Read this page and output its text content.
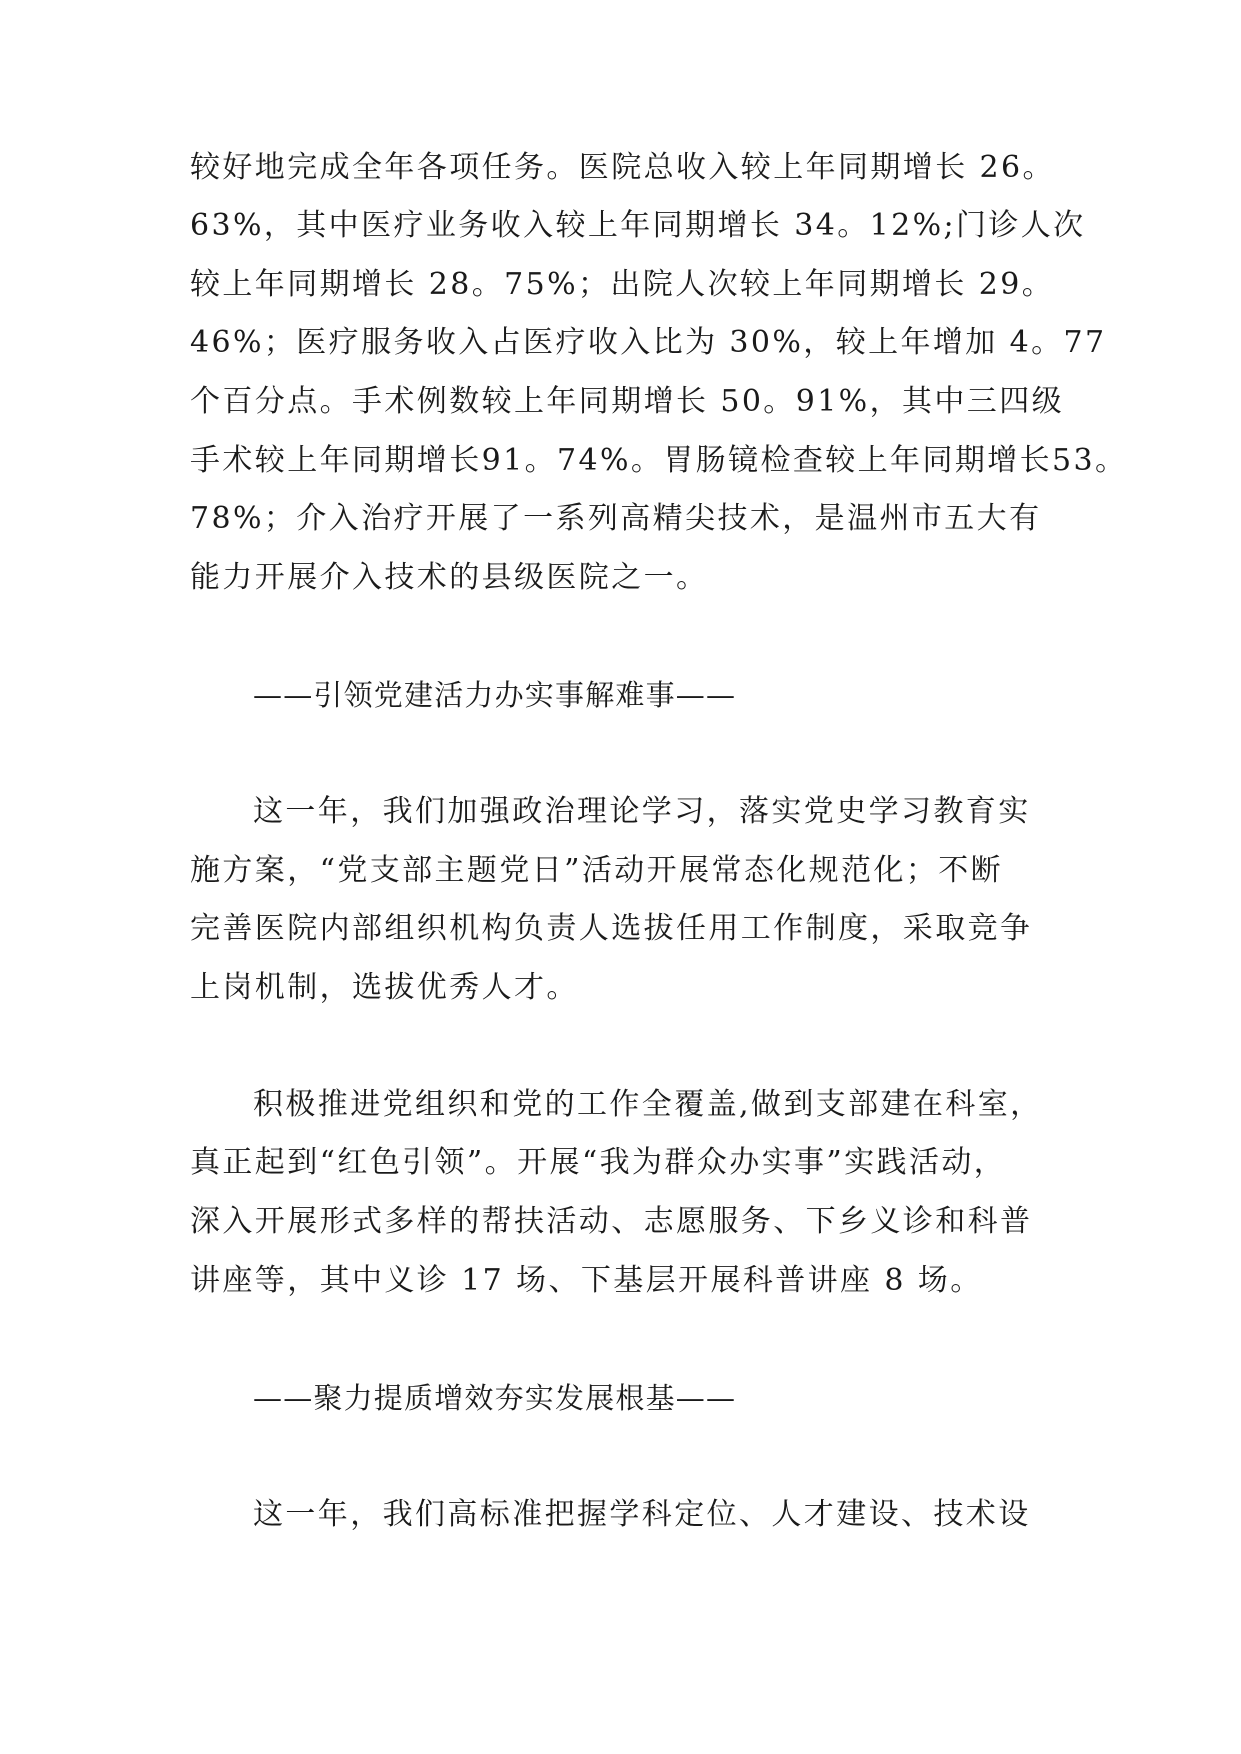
较好地完成全年各项任务。医院总收入较上年同期增长 26。
63%，其中医疗业务收入较上年同期增长 34。12%;门诊人次
较上年同期增长 28。75%；出院人次较上年同期增长 29。
46%；医疗服务收入占医疗收入比为 30%，较上年增加 4。77
个百分点。手术例数较上年同期增长 50。91%，其中三四级
手术较上年同期增长91。74%。胃肠镜检查较上年同期增长53。
78%；介入治疗开展了一系列高精尖技术，是温州市五大有
能力开展介入技术的县级医院之一。
——引领党建活力办实事解难事——
这一年，我们加强政治理论学习，落实党史学习教育实
施方案，“党支部主题党日”活动开展常态化规范化；不断
完善医院内部组织机构负责人选拔任用工作制度，采取竞争
上岗机制，选拔优秀人才。
积极推进党组织和党的工作全覆盖,做到支部建在科室，
真正起到“红色引领”。开展“我为群众办实事”实践活动，
深入开展形式多样的帮扶活动、志愿服务、下乡义诊和科普
讲座等，其中义诊 17 场、下基层开展科普讲座 8 场。
——聚力提质增效夯实发展根基——
这一年，我们高标准把握学科定位、人才建设、技术设
